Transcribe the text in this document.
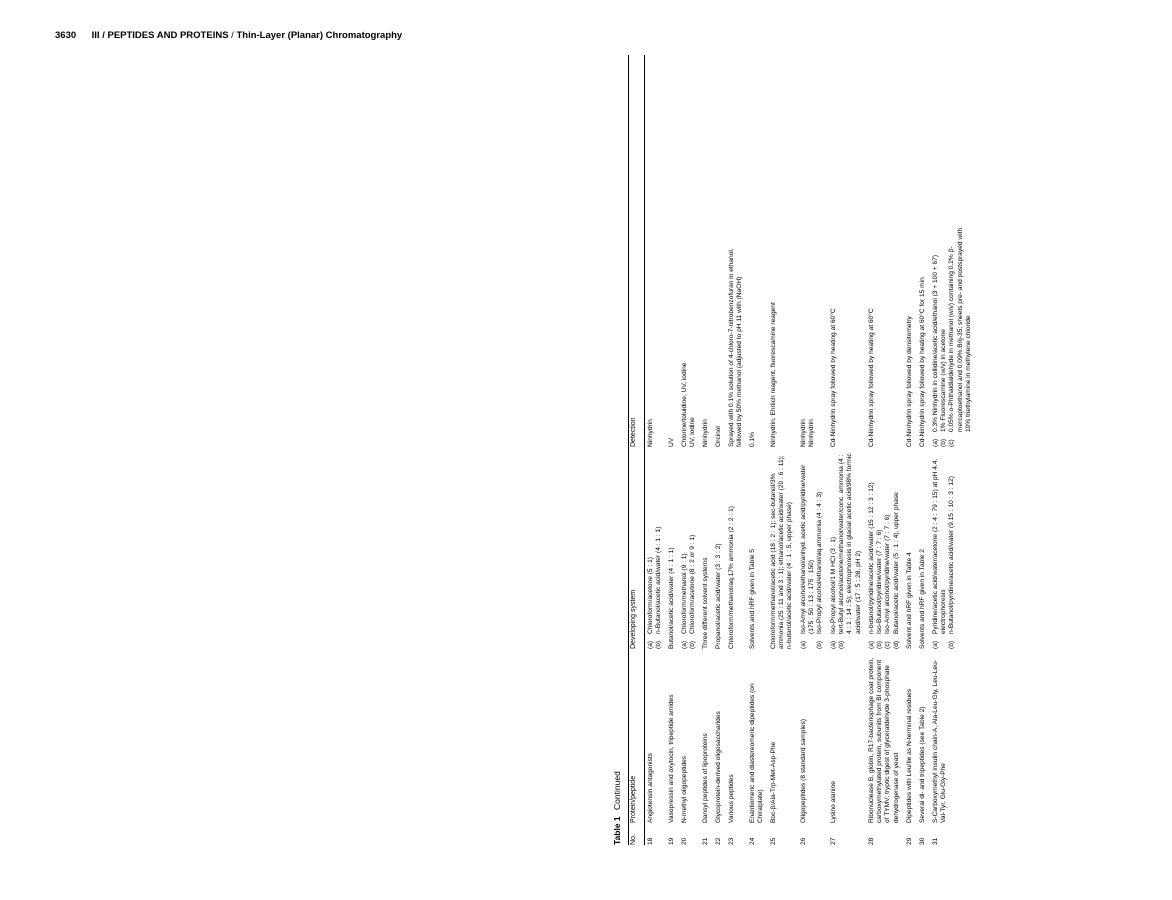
3630 III / PEPTIDES AND PROTEINS / Thin-Layer (Planar) Chromatography
Table 1 Continued
No.
Protein/peptide
Developing system
Detection
18
Angiotensin antagonists
(a)
Chloroform/acetone (5 : 1)
(b)
n-Butanol/acetic acid/water (4 : 1 : 1)
Ninhydrin
19
Vasopressin and oxytocin, tripeptide amides
Butanol/acetic acid/water (4 : 1 : 1)
UV
20
N-methyl oligopeptides
(a)
Chloroform/methanol (9 : 1)
(b)
Chloroform/acetone (8 : 2 or 9 : 1)
Chlorine/toluidine, UV, iodine UV, iodine
21
Dansyl peptides of lipoproteins
Three different solvent systems
Ninhydrin
22
Glycoprotein-derived oligosaccharides
Propanol/acetic acid/water (3 : 3 : 2)
Orcinol
23
Various peptides
Chloroform/methanol/aq.17% ammonia (2 : 2 : 1)
Sprayed with 0.1% solution of 4-chloro-7-nitrobenzofuran in ethanol, followed by 50% methanol (adjusted to pH 11 with (NaOH)
24
Enantiomeric and diastereomeric dipeptides (on Chiralplate)
Solvents and hRF given in Table 5
0.1%
25
Boc-β/Ala-Trp-Met-Asp-Phe
Chloroform/methanol/acetic acid (18 : 2 : 1); sec-butanol/3% ammonia (25 : 11 and 3 : 1); ethanol/acetic acid/water (20 : 6 : 11); n-butanol/acetic acid/water (4 : 1 : 5, upper phase)
Ninhydrin, Ehrlich reagent, fluorescamine reagent
26
Oligopeptides (8 standard samples)
(a)
Iso-Amyl alcohol/ethanol/anhyd. acetic acid/pyridine/water (175 : 50 : 13 : 175 : 150)
(b)
Iso-Propyl alcohol/ethanol/aq.ammonia (4 : 4 : 3)
Ninhydrin Ninhydrin
27
Lysino alanine
(a)
Iso-Propyl alcohol/1 M HCl (3 : 1)
(b)
tert-Butyl alcohol/acetone/methanol/water/conc. ammonia (4 : 4 : 1 : 14 : 5); electrophoresis in glacial acetic acid/98% formic acid/water (17 : 5 : 28, pH 2)
Cd-Ninhydrin spray followed by heating at 60°C
28
Ribonuclease B, globin, R17-bacteriophage coat protein, carboxymethylated protein, subunits from BI component of TYMV; tryptic digest of glyceraldehyde 3-phosphate dehydrogenase of yeast
(a)
n-butanol/pyridine/acetic acid/water (15 : 12 : 3 : 12)
(b)
Iso-Butanol/pyridine/water (7 : 7 : 6)
(c)
Iso-Amyl alcohol/pyridine/water (7 : 7 : 6)
(d)
Butanol/acetic acid/water (5 : 1 : 4), upper phase
Cd-Ninhydrin spray followed by heating at 60°C
29
Dipeptides with Leu/Ile as N-terminal residues
Solvent and hRF given in Table 4
Cd-Ninhydrin spray followed by densitometry
30
Several dl- and tripeptides (see Table 2)
Solvents and hRF given in Table 2
Cd-Ninhydrin spray followed by heating at 60°C for 15 min
31
S-Carboxymethyl insulin chain-A, Ala-Leu-Gly, Leu-Leu-Val-Tyr, Glu-Gly-Phe
(a)
Pyridine/acetic acid/water/acetone (2 : 4 : 79 : 15) at pH 4.4, electrophoresis
(b)
n-Butanol/pyridine/acetic acid/water (9.15 : 10 : 3 : 12)
(a)
0.3% Ninhydrin in collidine/acetic acid/ethanol (3 + 100 + 67)
(b)
1% Fluorescamine (w/v) in acetone
(c)
0.05% o-Phthaldialdehyde in methanol (w/v) containing 0.2% β-mercaptoethanol and 0.09% Brij-35; sheets pre- and postsprayed with 10% triethylamine in methylene chloride
